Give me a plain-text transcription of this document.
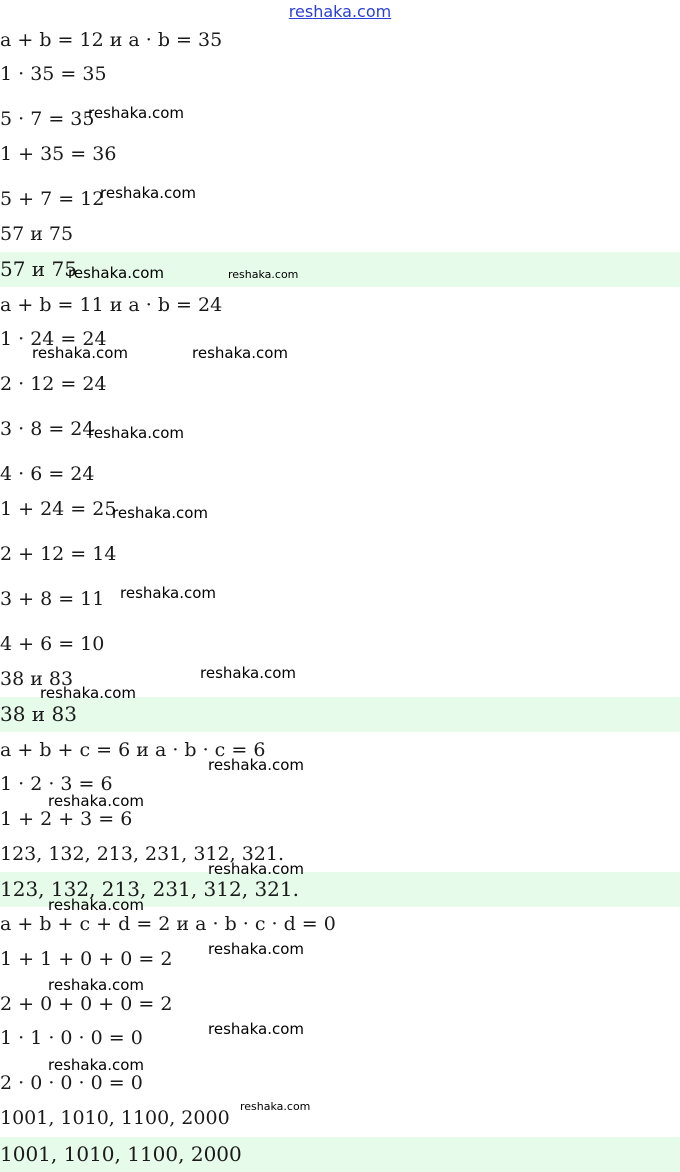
reshaka.com
57 и 75
38 и 83
123, 132, 213, 231, 312, 321.
1001, 1010, 1100, 2000
a + b = 12 и a · b = 35
1 · 35 = 35
5 · 7 = 35
1 + 35 = 36
5 + 7 = 12
57 и 75
a + b = 11 и a · b = 24
1 · 24 = 24
2 · 12 = 24
3 · 8 = 24
4 · 6 = 24
1 + 24 = 25
2 + 12 = 14
3 + 8 = 11
4 + 6 = 10
38 и 83
a + b + c = 6 и a · b · c = 6
1 · 2 · 3 = 6
1 + 2 + 3 = 6
123, 132, 213, 231, 312, 321.
a + b + c + d = 2 и a · b · c · d = 0
1 + 1 + 0 + 0 = 2
2 + 0 + 0 + 0 = 2
1 · 1 · 0 · 0 = 0
2 · 0 · 0 · 0 = 0
1001, 1010, 1100, 2000
reshaka.com
reshaka.com
reshaka.com	reshaka.com
reshaka.com	reshaka.com
reshaka.com
reshaka.com
reshaka.com
reshaka.com
reshaka.com
reshaka.com
reshaka.com
reshaka.com
reshaka.com
reshaka.com
reshaka.com
reshaka.com
reshaka.com
reshaka.com
